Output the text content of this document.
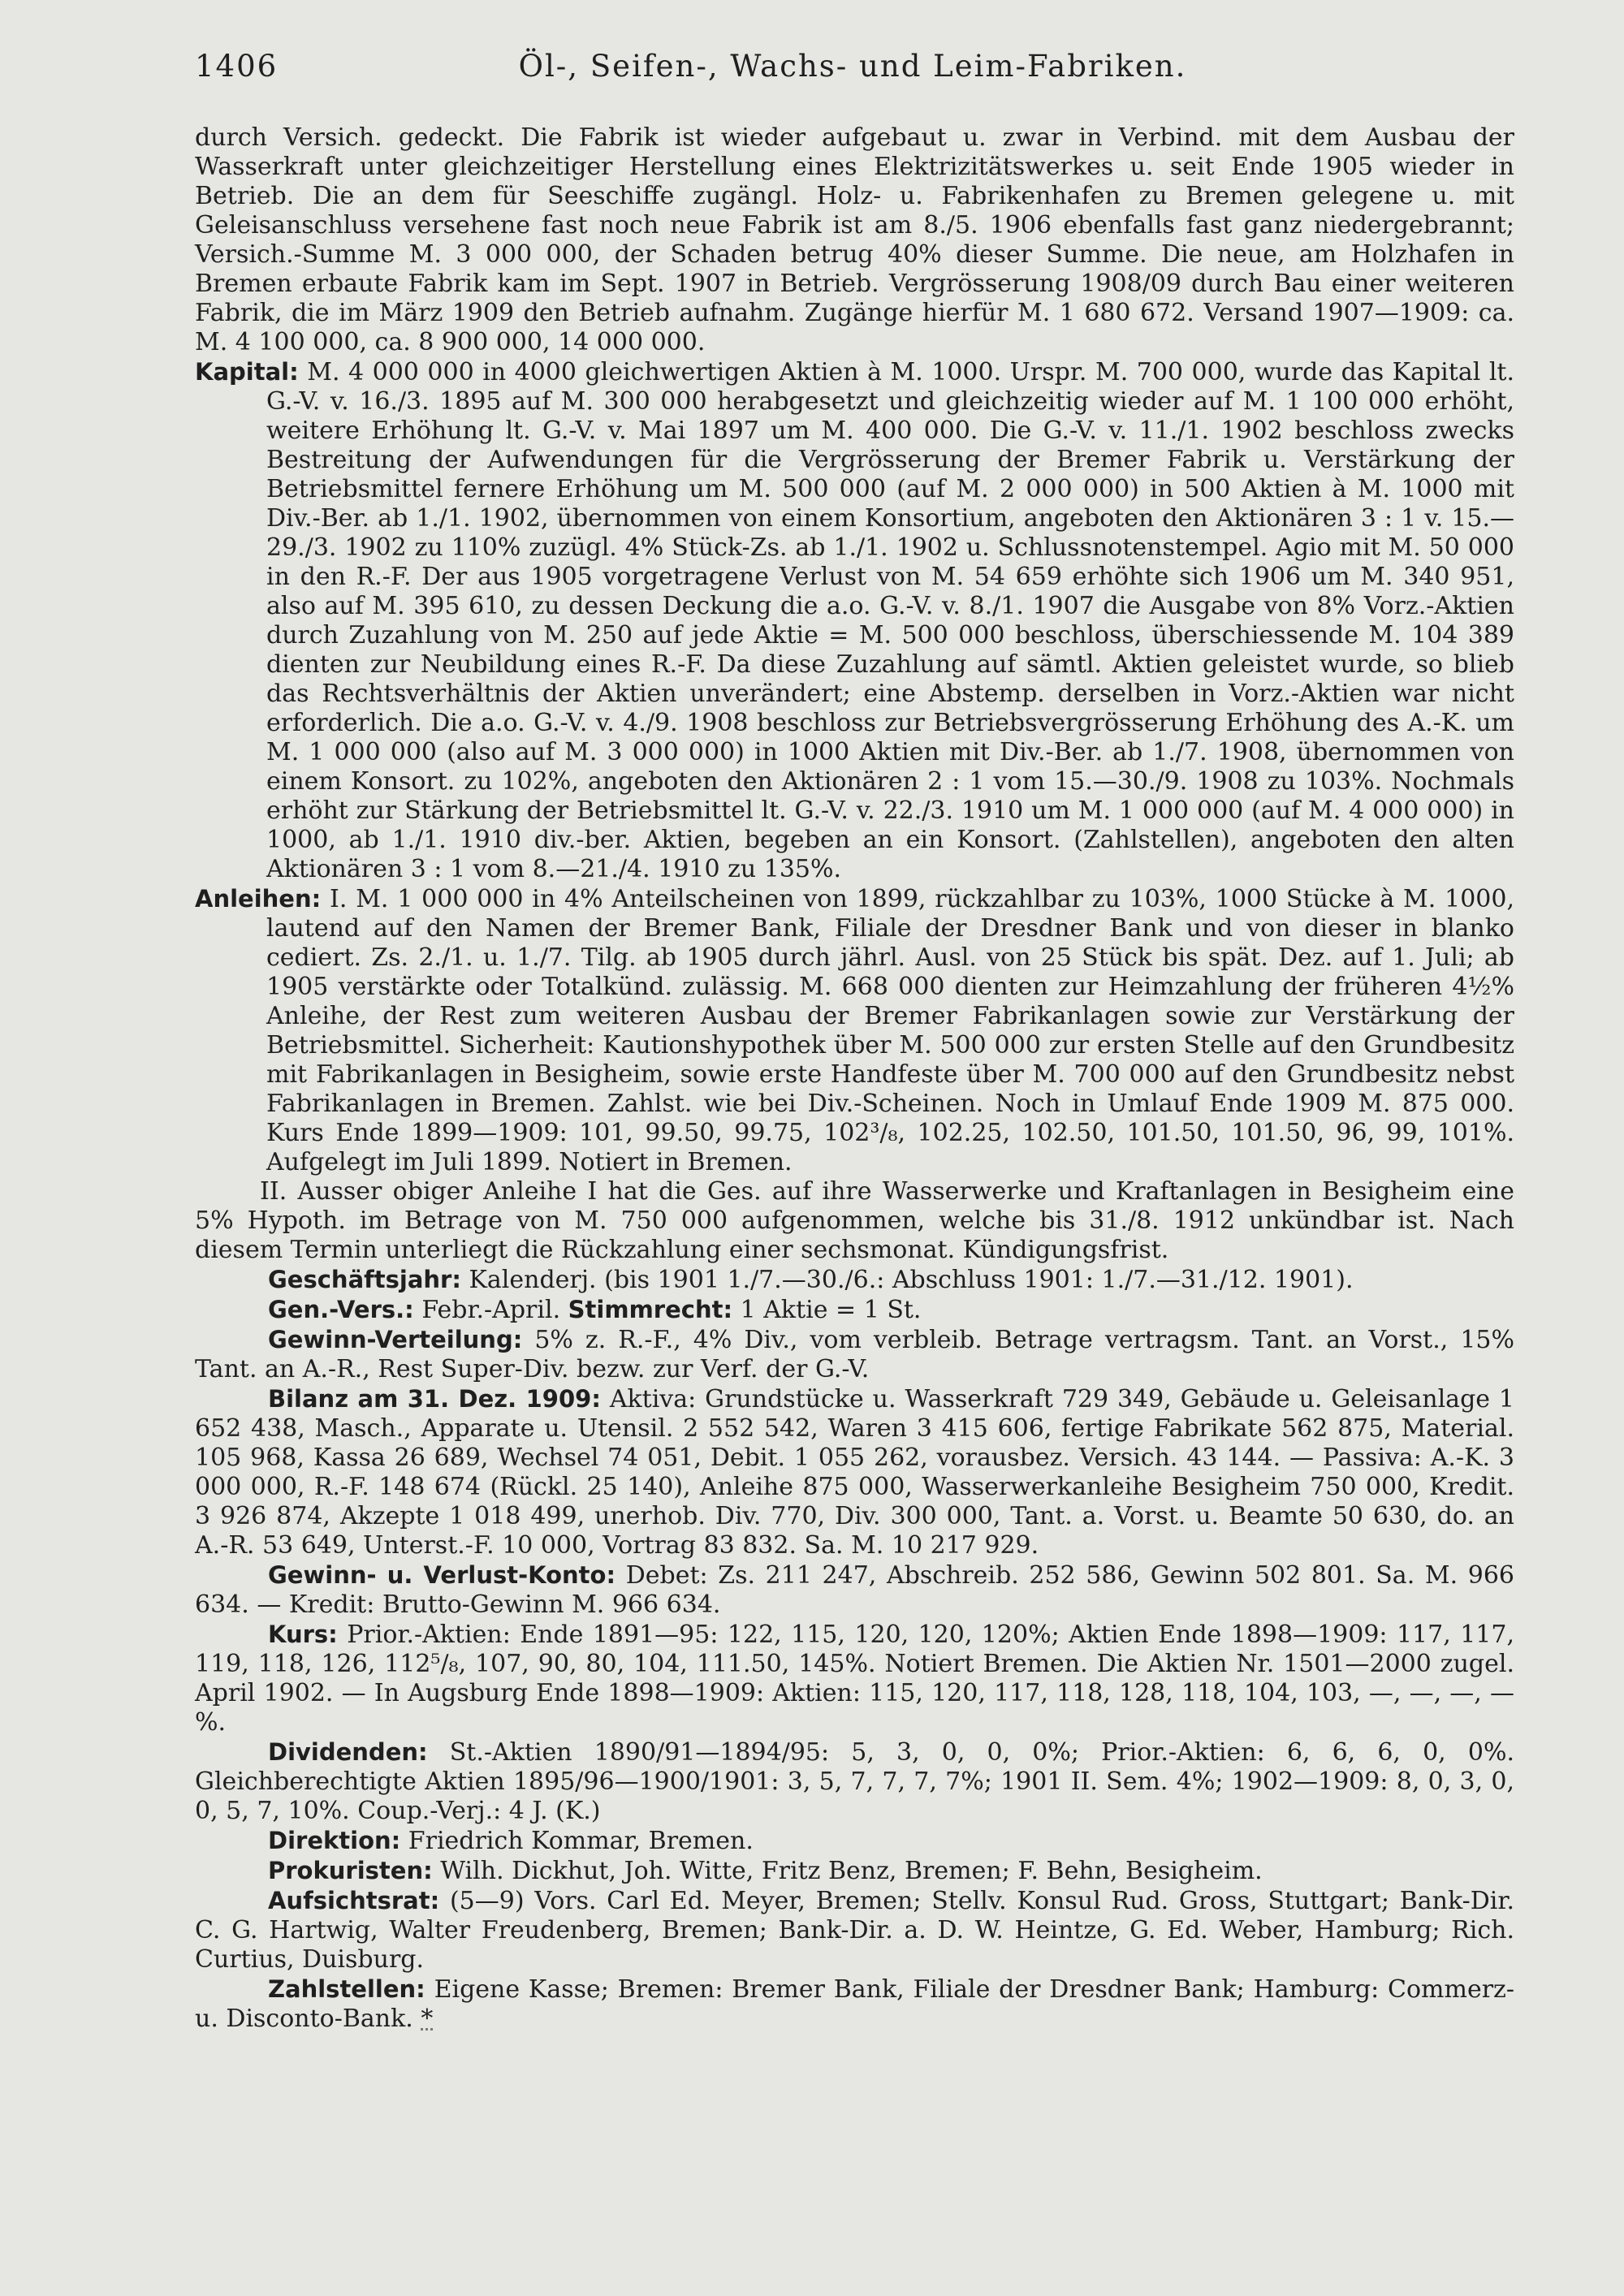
1406	Öl-, Seifen-, Wachs- und Leim-Fabriken.

durch Versich. gedeckt. Die Fabrik ist wieder aufgebaut u. zwar in Verbind. mit dem Ausbau der Wasserkraft unter gleichzeitiger Herstellung eines Elektrizitätswerkes u. seit Ende 1905 wieder in Betrieb. Die an dem für Seeschiffe zugängl. Holz- u. Fabrikenhafen zu Bremen gelegene u. mit Geleisanschluss versehene fast noch neue Fabrik ist am 8./5. 1906 ebenfalls fast ganz niedergebrannt; Versich.-Summe M. 3 000 000, der Schaden betrug 40% dieser Summe. Die neue, am Holzhafen in Bremen erbaute Fabrik kam im Sept. 1907 in Betrieb. Vergrösserung 1908/09 durch Bau einer weiteren Fabrik, die im März 1909 den Betrieb aufnahm. Zugänge hierfür M. 1 680 672. Versand 1907—1909: ca. M. 4 100 000, ca. 8 900 000, 14 000 000.

Kapital: M. 4 000 000 in 4000 gleichwertigen Aktien à M. 1000. Urspr. M. 700 000, wurde das Kapital lt. G.-V. v. 16./3. 1895 auf M. 300 000 herabgesetzt und gleichzeitig wieder auf M. 1 100 000 erhöht, weitere Erhöhung lt. G.-V. v. Mai 1897 um M. 400 000. Die G.-V. v. 11./1. 1902 beschloss zwecks Bestreitung der Aufwendungen für die Vergrösserung der Bremer Fabrik u. Verstärkung der Betriebsmittel fernere Erhöhung um M. 500 000 (auf M. 2 000 000) in 500 Aktien à M. 1000 mit Div.-Ber. ab 1./1. 1902, übernommen von einem Konsortium, angeboten den Aktionären 3 : 1 v. 15.—29./3. 1902 zu 110% zuzügl. 4% Stück-Zs. ab 1./1. 1902 u. Schlussnotenstempel. Agio mit M. 50 000 in den R.-F. Der aus 1905 vorgetragene Verlust von M. 54 659 erhöhte sich 1906 um M. 340 951, also auf M. 395 610, zu dessen Deckung die a.o. G.-V. v. 8./1. 1907 die Ausgabe von 8% Vorz.-Aktien durch Zuzahlung von M. 250 auf jede Aktie = M. 500 000 beschloss, überschiessende M. 104 389 dienten zur Neubildung eines R.-F. Da diese Zuzahlung auf sämtl. Aktien geleistet wurde, so blieb das Rechtsverhältnis der Aktien unverändert; eine Abstemp. derselben in Vorz.-Aktien war nicht erforderlich. Die a.o. G.-V. v. 4./9. 1908 beschloss zur Betriebsvergrösserung Erhöhung des A.-K. um M. 1 000 000 (also auf M. 3 000 000) in 1000 Aktien mit Div.-Ber. ab 1./7. 1908, übernommen von einem Konsort. zu 102%, angeboten den Aktionären 2 : 1 vom 15.—30./9. 1908 zu 103%. Nochmals erhöht zur Stärkung der Betriebsmittel lt. G.-V. v. 22./3. 1910 um M. 1 000 000 (auf M. 4 000 000) in 1000, ab 1./1. 1910 div.-ber. Aktien, begeben an ein Konsort. (Zahlstellen), angeboten den alten Aktionären 3 : 1 vom 8.—21./4. 1910 zu 135%.

Anleihen: I. M. 1 000 000 in 4% Anteilscheinen von 1899, rückzahlbar zu 103%, 1000 Stücke à M. 1000, lautend auf den Namen der Bremer Bank, Filiale der Dresdner Bank und von dieser in blanko cediert. Zs. 2./1. u. 1./7. Tilg. ab 1905 durch jährl. Ausl. von 25 Stück bis spät. Dez. auf 1. Juli; ab 1905 verstärkte oder Totalkünd. zulässig. M. 668 000 dienten zur Heimzahlung der früheren 4½% Anleihe, der Rest zum weiteren Ausbau der Bremer Fabrikanlagen sowie zur Verstärkung der Betriebsmittel. Sicherheit: Kautionshypothek über M. 500 000 zur ersten Stelle auf den Grundbesitz mit Fabrikanlagen in Besigheim, sowie erste Handfeste über M. 700 000 auf den Grundbesitz nebst Fabrikanlagen in Bremen. Zahlst. wie bei Div.-Scheinen. Noch in Umlauf Ende 1909 M. 875 000. Kurs Ende 1899—1909: 101, 99.50, 99.75, 102³/₈, 102.25, 102.50, 101.50, 101.50, 96, 99, 101%. Aufgelegt im Juli 1899. Notiert in Bremen.

II. Ausser obiger Anleihe I hat die Ges. auf ihre Wasserwerke und Kraftanlagen in Besigheim eine 5% Hypoth. im Betrage von M. 750 000 aufgenommen, welche bis 31./8. 1912 unkündbar ist. Nach diesem Termin unterliegt die Rückzahlung einer sechsmonat. Kündigungsfrist.

Geschäftsjahr: Kalenderj. (bis 1901 1./7.—30./6.: Abschluss 1901: 1./7.—31./12. 1901).

Gen.-Vers.: Febr.-April. Stimmrecht: 1 Aktie = 1 St.

Gewinn-Verteilung: 5% z. R.-F., 4% Div., vom verbleib. Betrage vertragsm. Tant. an Vorst., 15% Tant. an A.-R., Rest Super-Div. bezw. zur Verf. der G.-V.

Bilanz am 31. Dez. 1909: Aktiva: Grundstücke u. Wasserkraft 729 349, Gebäude u. Geleisanlage 1 652 438, Masch., Apparate u. Utensil. 2 552 542, Waren 3 415 606, fertige Fabrikate 562 875, Material. 105 968, Kassa 26 689, Wechsel 74 051, Debit. 1 055 262, vorausbez. Versich. 43 144. — Passiva: A.-K. 3 000 000, R.-F. 148 674 (Rückl. 25 140), Anleihe 875 000, Wasserwerkanleihe Besigheim 750 000, Kredit. 3 926 874, Akzepte 1 018 499, unerhob. Div. 770, Div. 300 000, Tant. a. Vorst. u. Beamte 50 630, do. an A.-R. 53 649, Unterst.-F. 10 000, Vortrag 83 832. Sa. M. 10 217 929.

Gewinn- u. Verlust-Konto: Debet: Zs. 211 247, Abschreib. 252 586, Gewinn 502 801. Sa. M. 966 634. — Kredit: Brutto-Gewinn M. 966 634.

Kurs: Prior.-Aktien: Ende 1891—95: 122, 115, 120, 120, 120%; Aktien Ende 1898—1909: 117, 117, 119, 118, 126, 112⁵/₈, 107, 90, 80, 104, 111.50, 145%. Notiert Bremen. Die Aktien Nr. 1501—2000 zugel. April 1902. — In Augsburg Ende 1898—1909: Aktien: 115, 120, 117, 118, 128, 118, 104, 103, —, —, —, —%.

Dividenden: St.-Aktien 1890/91—1894/95: 5, 3, 0, 0, 0%; Prior.-Aktien: 6, 6, 6, 0, 0%. Gleichberechtigte Aktien 1895/96—1900/1901: 3, 5, 7, 7, 7, 7%; 1901 II. Sem. 4%; 1902—1909: 8, 0, 3, 0, 0, 5, 7, 10%. Coup.-Verj.: 4 J. (K.)

Direktion: Friedrich Kommar, Bremen.

Prokuristen: Wilh. Dickhut, Joh. Witte, Fritz Benz, Bremen; F. Behn, Besigheim.

Aufsichtsrat: (5—9) Vors. Carl Ed. Meyer, Bremen; Stellv. Konsul Rud. Gross, Stuttgart; Bank-Dir. C. G. Hartwig, Walter Freudenberg, Bremen; Bank-Dir. a. D. W. Heintze, G. Ed. Weber, Hamburg; Rich. Curtius, Duisburg.

Zahlstellen: Eigene Kasse; Bremen: Bremer Bank, Filiale der Dresdner Bank; Hamburg: Commerz- u. Disconto-Bank. *
